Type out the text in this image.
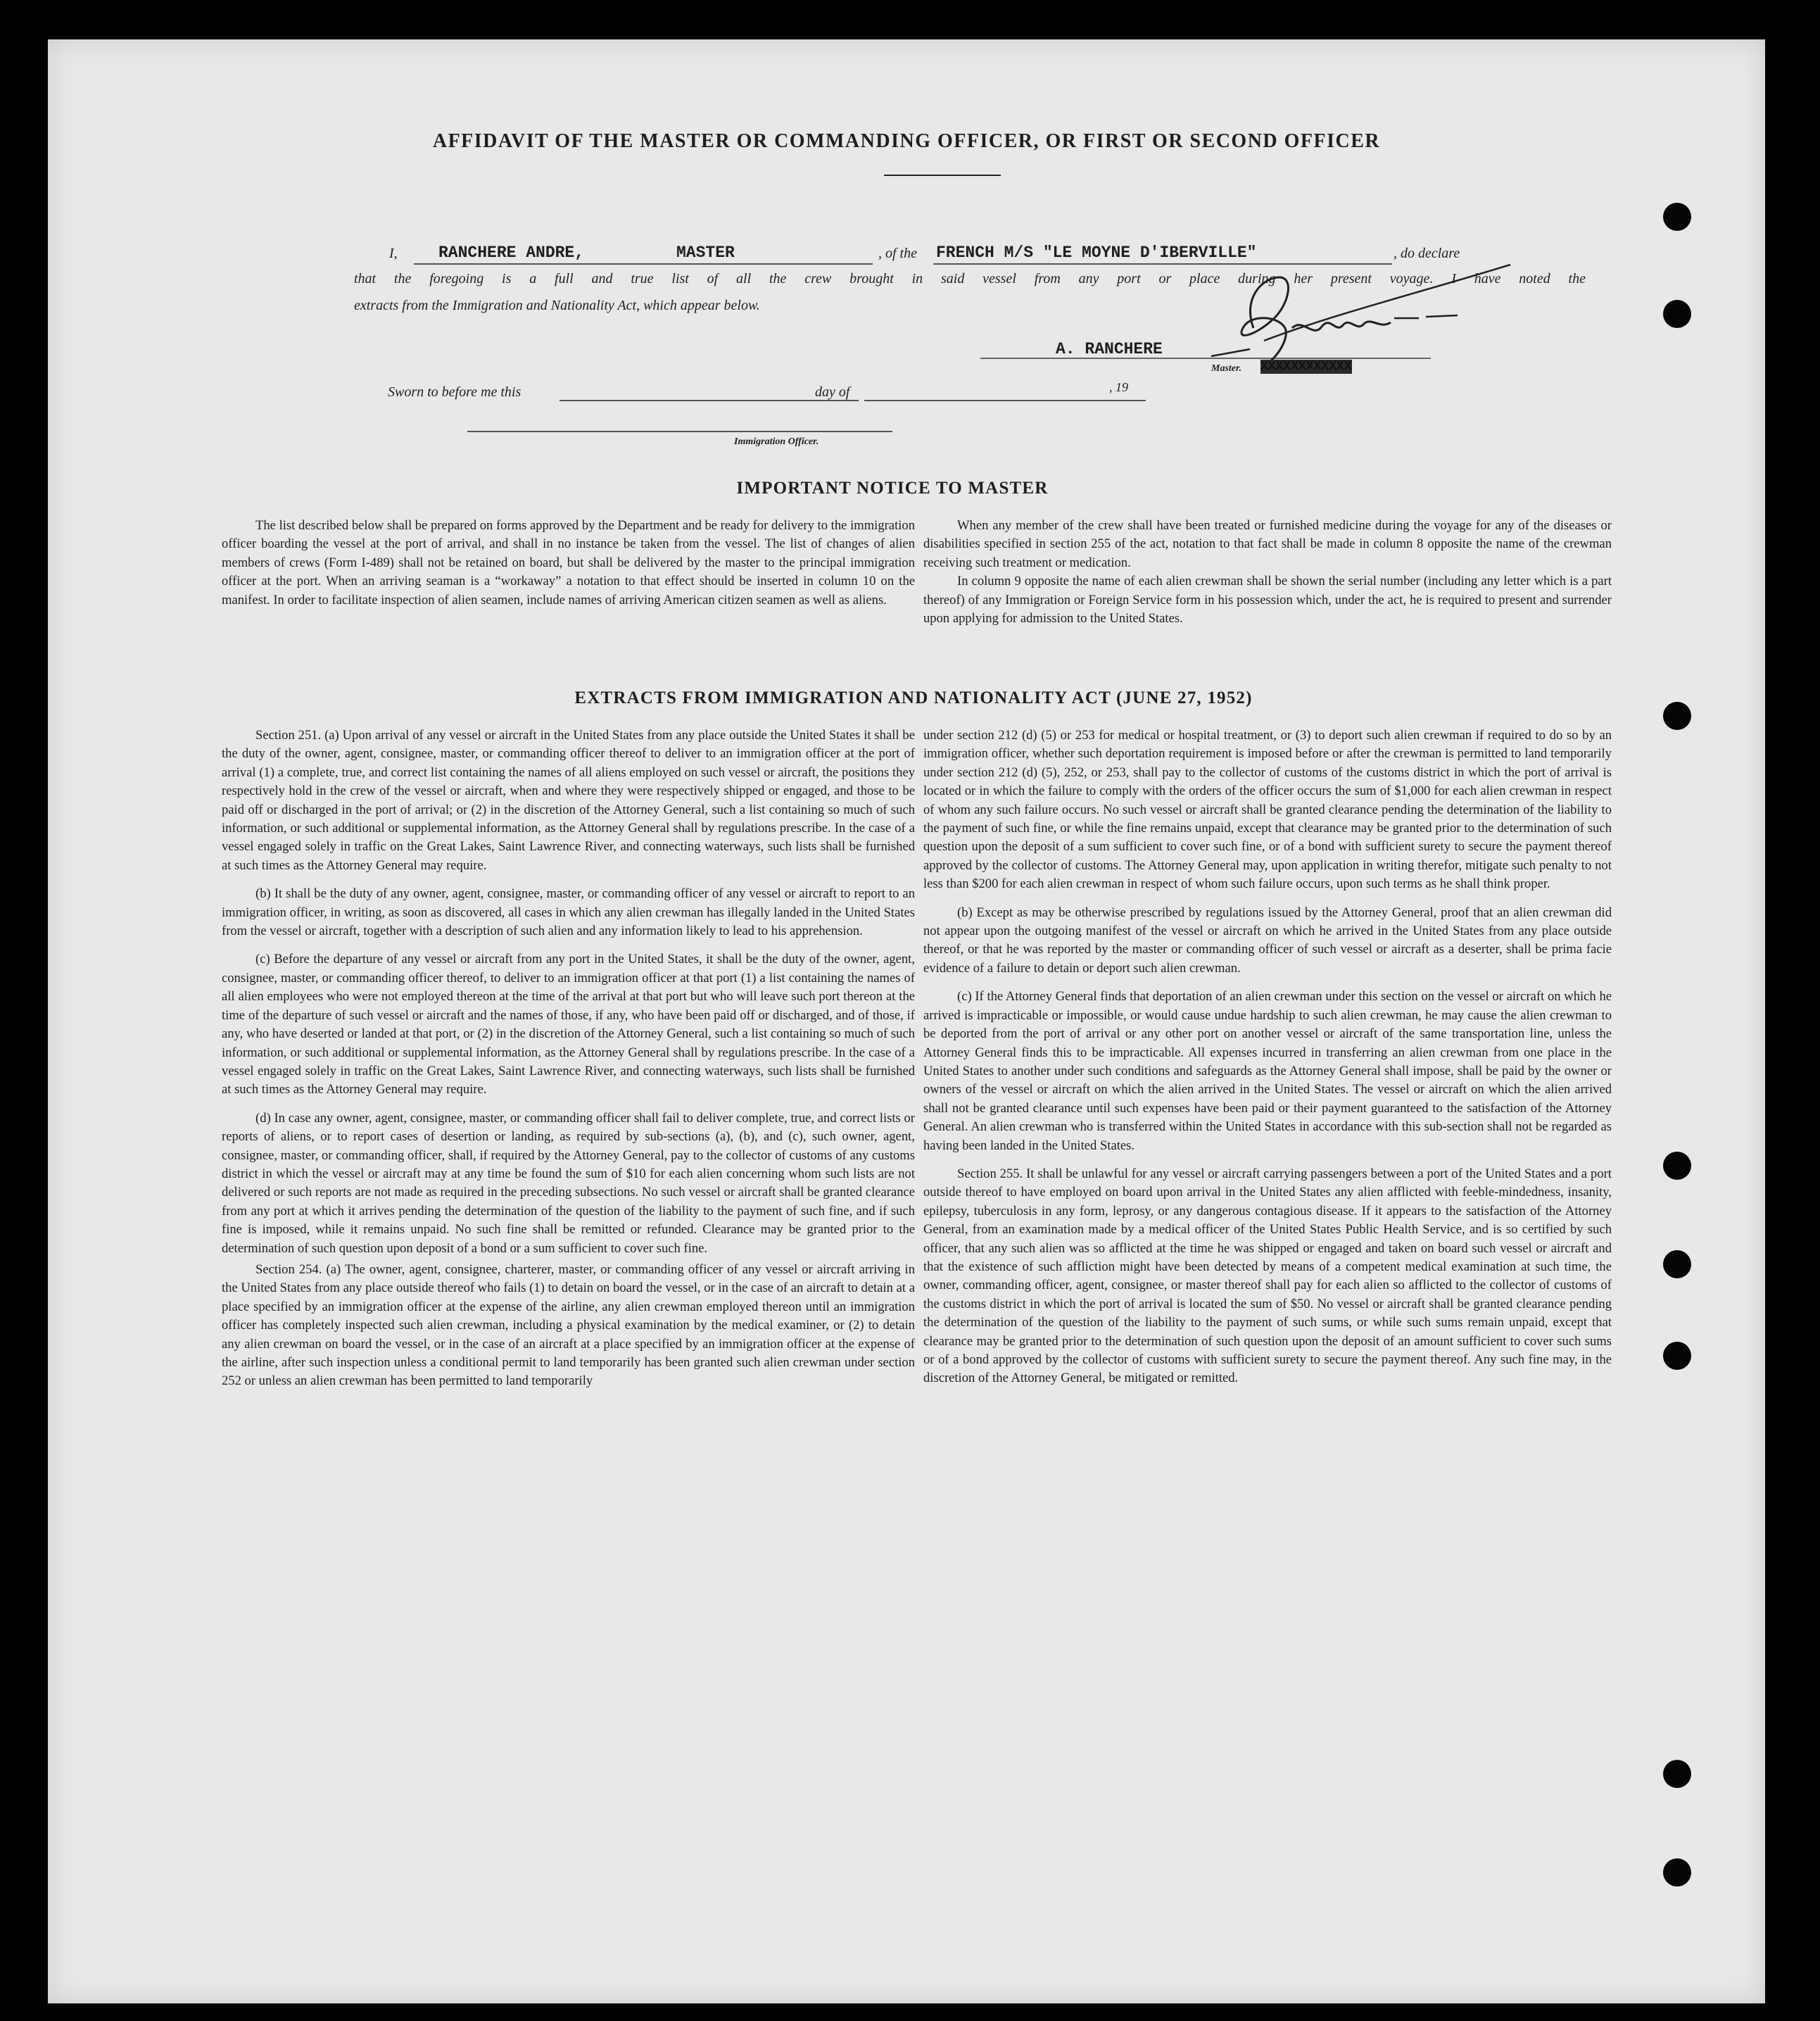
AFFIDAVIT OF THE MASTER OR COMMANDING OFFICER, OR FIRST OR SECOND OFFICER
I,	RANCHERE ANDRE,	MASTER	, of the FRENCH M/S "LE MOYNE D'IBERVILLE"	, do declare
that the foregoing is a full and true list of all the crew brought in said vessel from any port or place during her present voyage. I have noted the
extracts from the Immigration and Nationality Act, which appear below.
A. RANCHERE
Master. XXXXXXXXXXXX
Sworn to before me this	day of	, 19
Immigration Officer.
IMPORTANT NOTICE TO MASTER

The list described below shall be prepared on forms approved by the Department and be ready for delivery to the immigration officer boarding the vessel at the port of arrival, and shall in no instance be taken from the vessel. The list of changes of alien members of crews (Form I-489) shall not be retained on board, but shall be delivered by the master to the principal immigration officer at the port. When an arriving seaman is a “workaway” a notation to that effect should be inserted in column 10 on the manifest. In order to facilitate inspection of alien seamen, include names of arriving American citizen seamen as well as aliens.

When any member of the crew shall have been treated or furnished medicine during the voyage for any of the diseases or disabilities specified in section 255 of the act, notation to that fact shall be made in column 8 opposite the name of the crewman receiving such treatment or medication.

In column 9 opposite the name of each alien crewman shall be shown the serial number (including any letter which is a part thereof) of any Immigration or Foreign Service form in his possession which, under the act, he is required to present and surrender upon applying for admission to the United States.

EXTRACTS FROM IMMIGRATION AND NATIONALITY ACT (JUNE 27, 1952)

Section 251. (a) Upon arrival of any vessel or aircraft in the United States from any place outside the United States it shall be the duty of the owner, agent, consignee, master, or commanding officer thereof to deliver to an immigration officer at the port of arrival (1) a complete, true, and correct list containing the names of all aliens employed on such vessel or aircraft, the positions they respectively hold in the crew of the vessel or aircraft, when and where they were respectively shipped or engaged, and those to be paid off or discharged in the port of arrival; or (2) in the discretion of the Attorney General, such a list containing so much of such information, or such additional or supplemental information, as the Attorney General shall by regulations prescribe. In the case of a vessel engaged solely in traffic on the Great Lakes, Saint Lawrence River, and connecting waterways, such lists shall be furnished at such times as the Attorney General may require.

(b) It shall be the duty of any owner, agent, consignee, master, or commanding officer of any vessel or aircraft to report to an immigration officer, in writing, as soon as discovered, all cases in which any alien crewman has illegally landed in the United States from the vessel or aircraft, together with a description of such alien and any information likely to lead to his apprehension.

(c) Before the departure of any vessel or aircraft from any port in the United States, it shall be the duty of the owner, agent, consignee, master, or commanding officer thereof, to deliver to an immigration officer at that port (1) a list containing the names of all alien employees who were not employed thereon at the time of the arrival at that port but who will leave such port thereon at the time of the departure of such vessel or aircraft and the names of those, if any, who have been paid off or discharged, and of those, if any, who have deserted or landed at that port, or (2) in the discretion of the Attorney General, such a list containing so much of such information, or such additional or supplemental information, as the Attorney General shall by regulations prescribe. In the case of a vessel engaged solely in traffic on the Great Lakes, Saint Lawrence River, and connecting waterways, such lists shall be furnished at such times as the Attorney General may require.

(d) In case any owner, agent, consignee, master, or commanding officer shall fail to deliver complete, true, and correct lists or reports of aliens, or to report cases of desertion or landing, as required by sub-sections (a), (b), and (c), such owner, agent, consignee, master, or commanding officer, shall, if required by the Attorney General, pay to the collector of customs of any customs district in which the vessel or aircraft may at any time be found the sum of $10 for each alien concerning whom such lists are not delivered or such reports are not made as required in the preceding subsections. No such vessel or aircraft shall be granted clearance from any port at which it arrives pending the determination of the question of the liability to the payment of such fine, and if such fine is imposed, while it remains unpaid. No such fine shall be remitted or refunded. Clearance may be granted prior to the determination of such question upon deposit of a bond or a sum sufficient to cover such fine.

Section 254. (a) The owner, agent, consignee, charterer, master, or commanding officer of any vessel or aircraft arriving in the United States from any place outside thereof who fails (1) to detain on board the vessel, or in the case of an aircraft to detain at a place specified by an immigration officer at the expense of the airline, any alien crewman employed thereon until an immigration officer has completely inspected such alien crewman, including a physical examination by the medical examiner, or (2) to detain any alien crewman on board the vessel, or in the case of an aircraft at a place specified by an immigration officer at the expense of the airline, after such inspection unless a conditional permit to land temporarily has been granted such alien crewman under section 252 or unless an alien crewman has been permitted to land temporarily

under section 212 (d) (5) or 253 for medical or hospital treatment, or (3) to deport such alien crewman if required to do so by an immigration officer, whether such deportation requirement is imposed before or after the crewman is permitted to land temporarily under section 212 (d) (5), 252, or 253, shall pay to the collector of customs of the customs district in which the port of arrival is located or in which the failure to comply with the orders of the officer occurs the sum of $1,000 for each alien crewman in respect of whom any such failure occurs. No such vessel or aircraft shall be granted clearance pending the determination of the liability to the payment of such fine, or while the fine remains unpaid, except that clearance may be granted prior to the determination of such question upon the deposit of a sum sufficient to cover such fine, or of a bond with sufficient surety to secure the payment thereof approved by the collector of customs. The Attorney General may, upon application in writing therefor, mitigate such penalty to not less than $200 for each alien crewman in respect of whom such failure occurs, upon such terms as he shall think proper.

(b) Except as may be otherwise prescribed by regulations issued by the Attorney General, proof that an alien crewman did not appear upon the outgoing manifest of the vessel or aircraft on which he arrived in the United States from any place outside thereof, or that he was reported by the master or commanding officer of such vessel or aircraft as a deserter, shall be prima facie evidence of a failure to detain or deport such alien crewman.

(c) If the Attorney General finds that deportation of an alien crewman under this section on the vessel or aircraft on which he arrived is impracticable or impossible, or would cause undue hardship to such alien crewman, he may cause the alien crewman to be deported from the port of arrival or any other port on another vessel or aircraft of the same transportation line, unless the Attorney General finds this to be impracticable. All expenses incurred in transferring an alien crewman from one place in the United States to another under such conditions and safeguards as the Attorney General shall impose, shall be paid by the owner or owners of the vessel or aircraft on which the alien arrived in the United States. The vessel or aircraft on which the alien arrived shall not be granted clearance until such expenses have been paid or their payment guaranteed to the satisfaction of the Attorney General. An alien crewman who is transferred within the United States in accordance with this sub-section shall not be regarded as having been landed in the United States.

Section 255. It shall be unlawful for any vessel or aircraft carrying passengers between a port of the United States and a port outside thereof to have employed on board upon arrival in the United States any alien afflicted with feeble-mindedness, insanity, epilepsy, tuberculosis in any form, leprosy, or any dangerous contagious disease. If it appears to the satisfaction of the Attorney General, from an examination made by a medical officer of the United States Public Health Service, and is so certified by such officer, that any such alien was so afflicted at the time he was shipped or engaged and taken on board such vessel or aircraft and that the existence of such affliction might have been detected by means of a competent medical examination at such time, the owner, commanding officer, agent, consignee, or master thereof shall pay for each alien so afflicted to the collector of customs of the customs district in which the port of arrival is located the sum of $50. No vessel or aircraft shall be granted clearance pending the determination of the question of the liability to the payment of such sums, or while such sums remain unpaid, except that clearance may be granted prior to the determination of such question upon the deposit of an amount sufficient to cover such sums or of a bond approved by the collector of customs with sufficient surety to secure the payment thereof. Any such fine may, in the discretion of the Attorney General, be mitigated or remitted.
